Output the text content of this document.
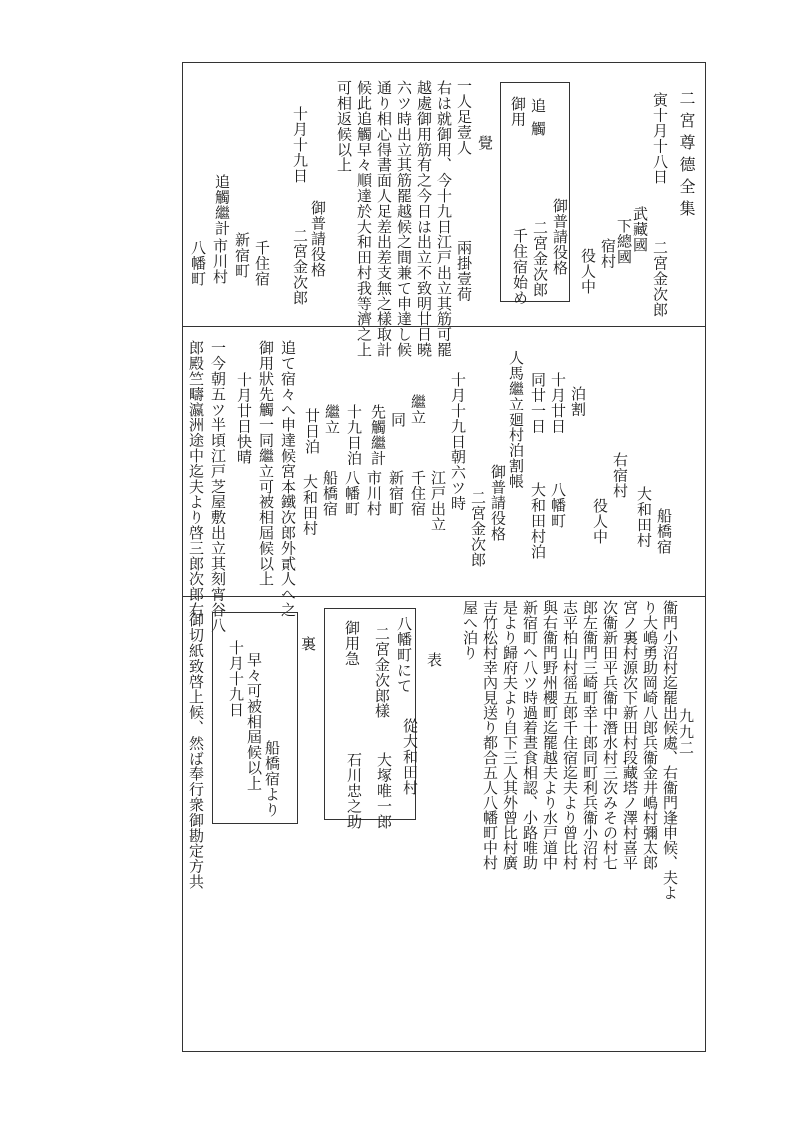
二宮尊德全集
九九二
寅十月十八日
二宮金次郎
武藏國
下總國
宿村
役人中
御普請役格
二宮金次郎
千住宿始め
追觸
御用
覺
一人足壹人
兩掛壹荷
右は就御用、今十九日江戸出立其筋可罷
越處御用筋有之今日は出立不致明廿日曉
六ツ時出立其筋罷越候之間兼て申達し候
通り相心得書面人足差出差支無之樣取計
候此追觸早々順達於大和田村我等濟之上
可相返候以上
十月十九日
御普請役格
二宮金次郎
追觸繼計
千住宿
新宿町
市川村
八幡町
船橋宿
大和田村
右宿村
役人中
泊割
十月廿日
八幡町
同廿一日
大和田村泊
人馬繼立廻村泊割帳
御普請役格
二宮金次郎
十月十九日朝六ツ時
江戸出立
繼立
千住宿
同
新宿町
先觸繼計
市川村
十九日泊
八幡町
繼立
船橋宿
廿日泊
大和田村
追て宿々へ申達候宮本鐵次郎外貳人へ之
御用狀先觸一同繼立可被相屆候以上
十月廿日快晴
一今朝五ツ半頃江戸芝屋敷出立其刻宵谷八
郎殿竺疇瀛洲途中迄夫より啓三郎次郎右
衞門小沼村迄罷出候處、右衞門逢申候、夫よ
り大嶋勇助岡崎八郎兵衞金井嶋村彌太郎
宮ノ裏村源次下新田村段藏塔ノ澤村喜平
次衞新田平兵衞中潛水村三次みその村七
郎左衞門三崎町幸十郎同町利兵衞小沼村
志平柏山村徭五郎千住宿迄夫より曾比村
與右衞門野州櫻町迄罷越夫より水戸道中
新宿町へ八ツ時過着晝食相認、小路唯助
是より歸府夫より自下三人其外曾比村廣
吉竹松村幸內見送り都合五人八幡町中村
屋へ泊り
表
八幡町にて
從大和田村
二宮金次郎樣
大塚唯一郎
御用急
石川忠之助
裏
船橋宿より
早々可被相屆候以上
十月十九日
御切紙致啓上候、然ば奉行衆御勘定方共
